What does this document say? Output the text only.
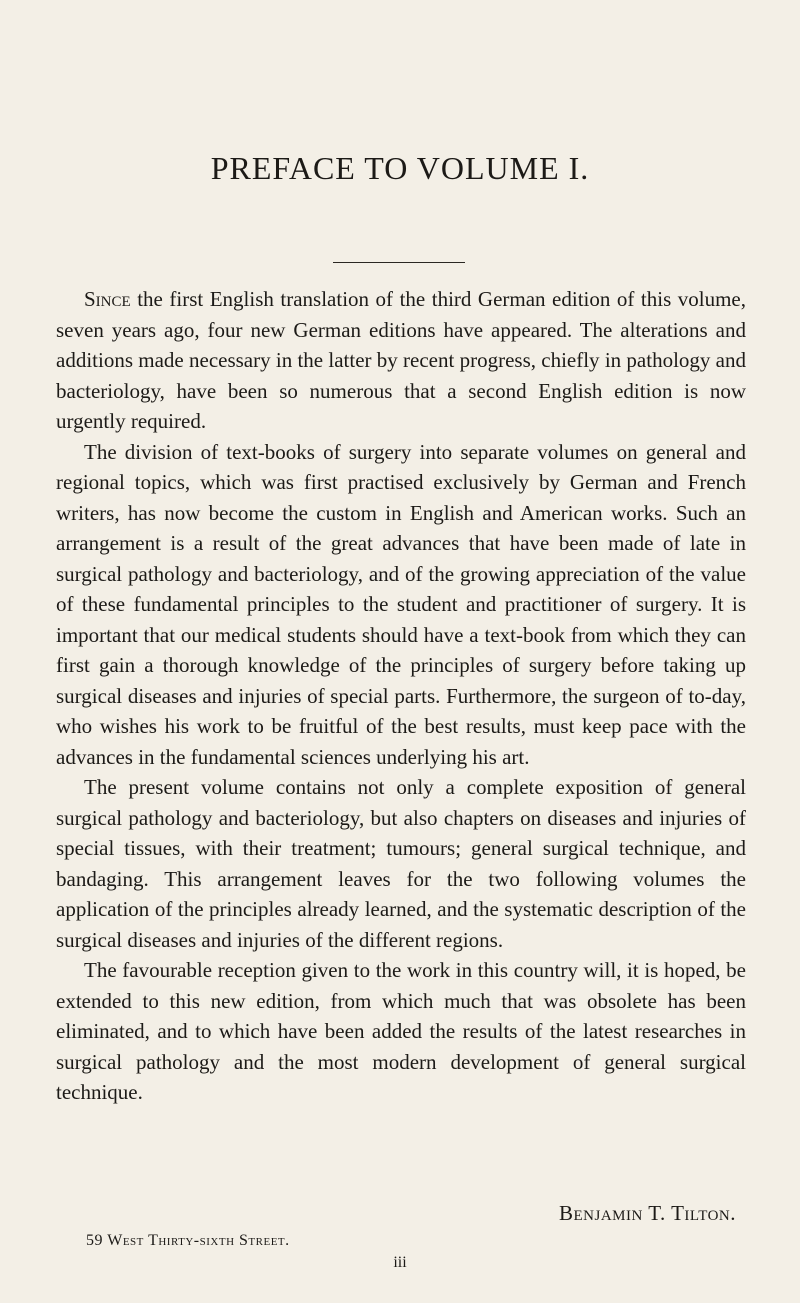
PREFACE TO VOLUME I.

Since the first English translation of the third German edition of this volume, seven years ago, four new German editions have appeared. The alterations and additions made necessary in the latter by recent progress, chiefly in pathology and bacteriology, have been so numerous that a second English edition is now urgently required.

The division of text-books of surgery into separate volumes on general and regional topics, which was first practised exclusively by German and French writers, has now become the custom in English and American works. Such an arrangement is a result of the great advances that have been made of late in surgical pathology and bacteriology, and of the growing appreciation of the value of these fundamental principles to the student and practitioner of surgery. It is important that our medical students should have a text-book from which they can first gain a thorough knowledge of the principles of surgery before taking up surgical diseases and injuries of special parts. Furthermore, the surgeon of to-day, who wishes his work to be fruitful of the best results, must keep pace with the advances in the fundamental sciences underlying his art.

The present volume contains not only a complete exposition of general surgical pathology and bacteriology, but also chapters on diseases and injuries of special tissues, with their treatment; tumours; general surgical technique, and bandaging. This arrangement leaves for the two following volumes the application of the principles already learned, and the systematic description of the surgical diseases and injuries of the different regions.

The favourable reception given to the work in this country will, it is hoped, be extended to this new edition, from which much that was obsolete has been eliminated, and to which have been added the results of the latest researches in surgical pathology and the most modern development of general surgical technique.

Benjamin T. Tilton.
59 West Thirty-sixth Street.
iii
